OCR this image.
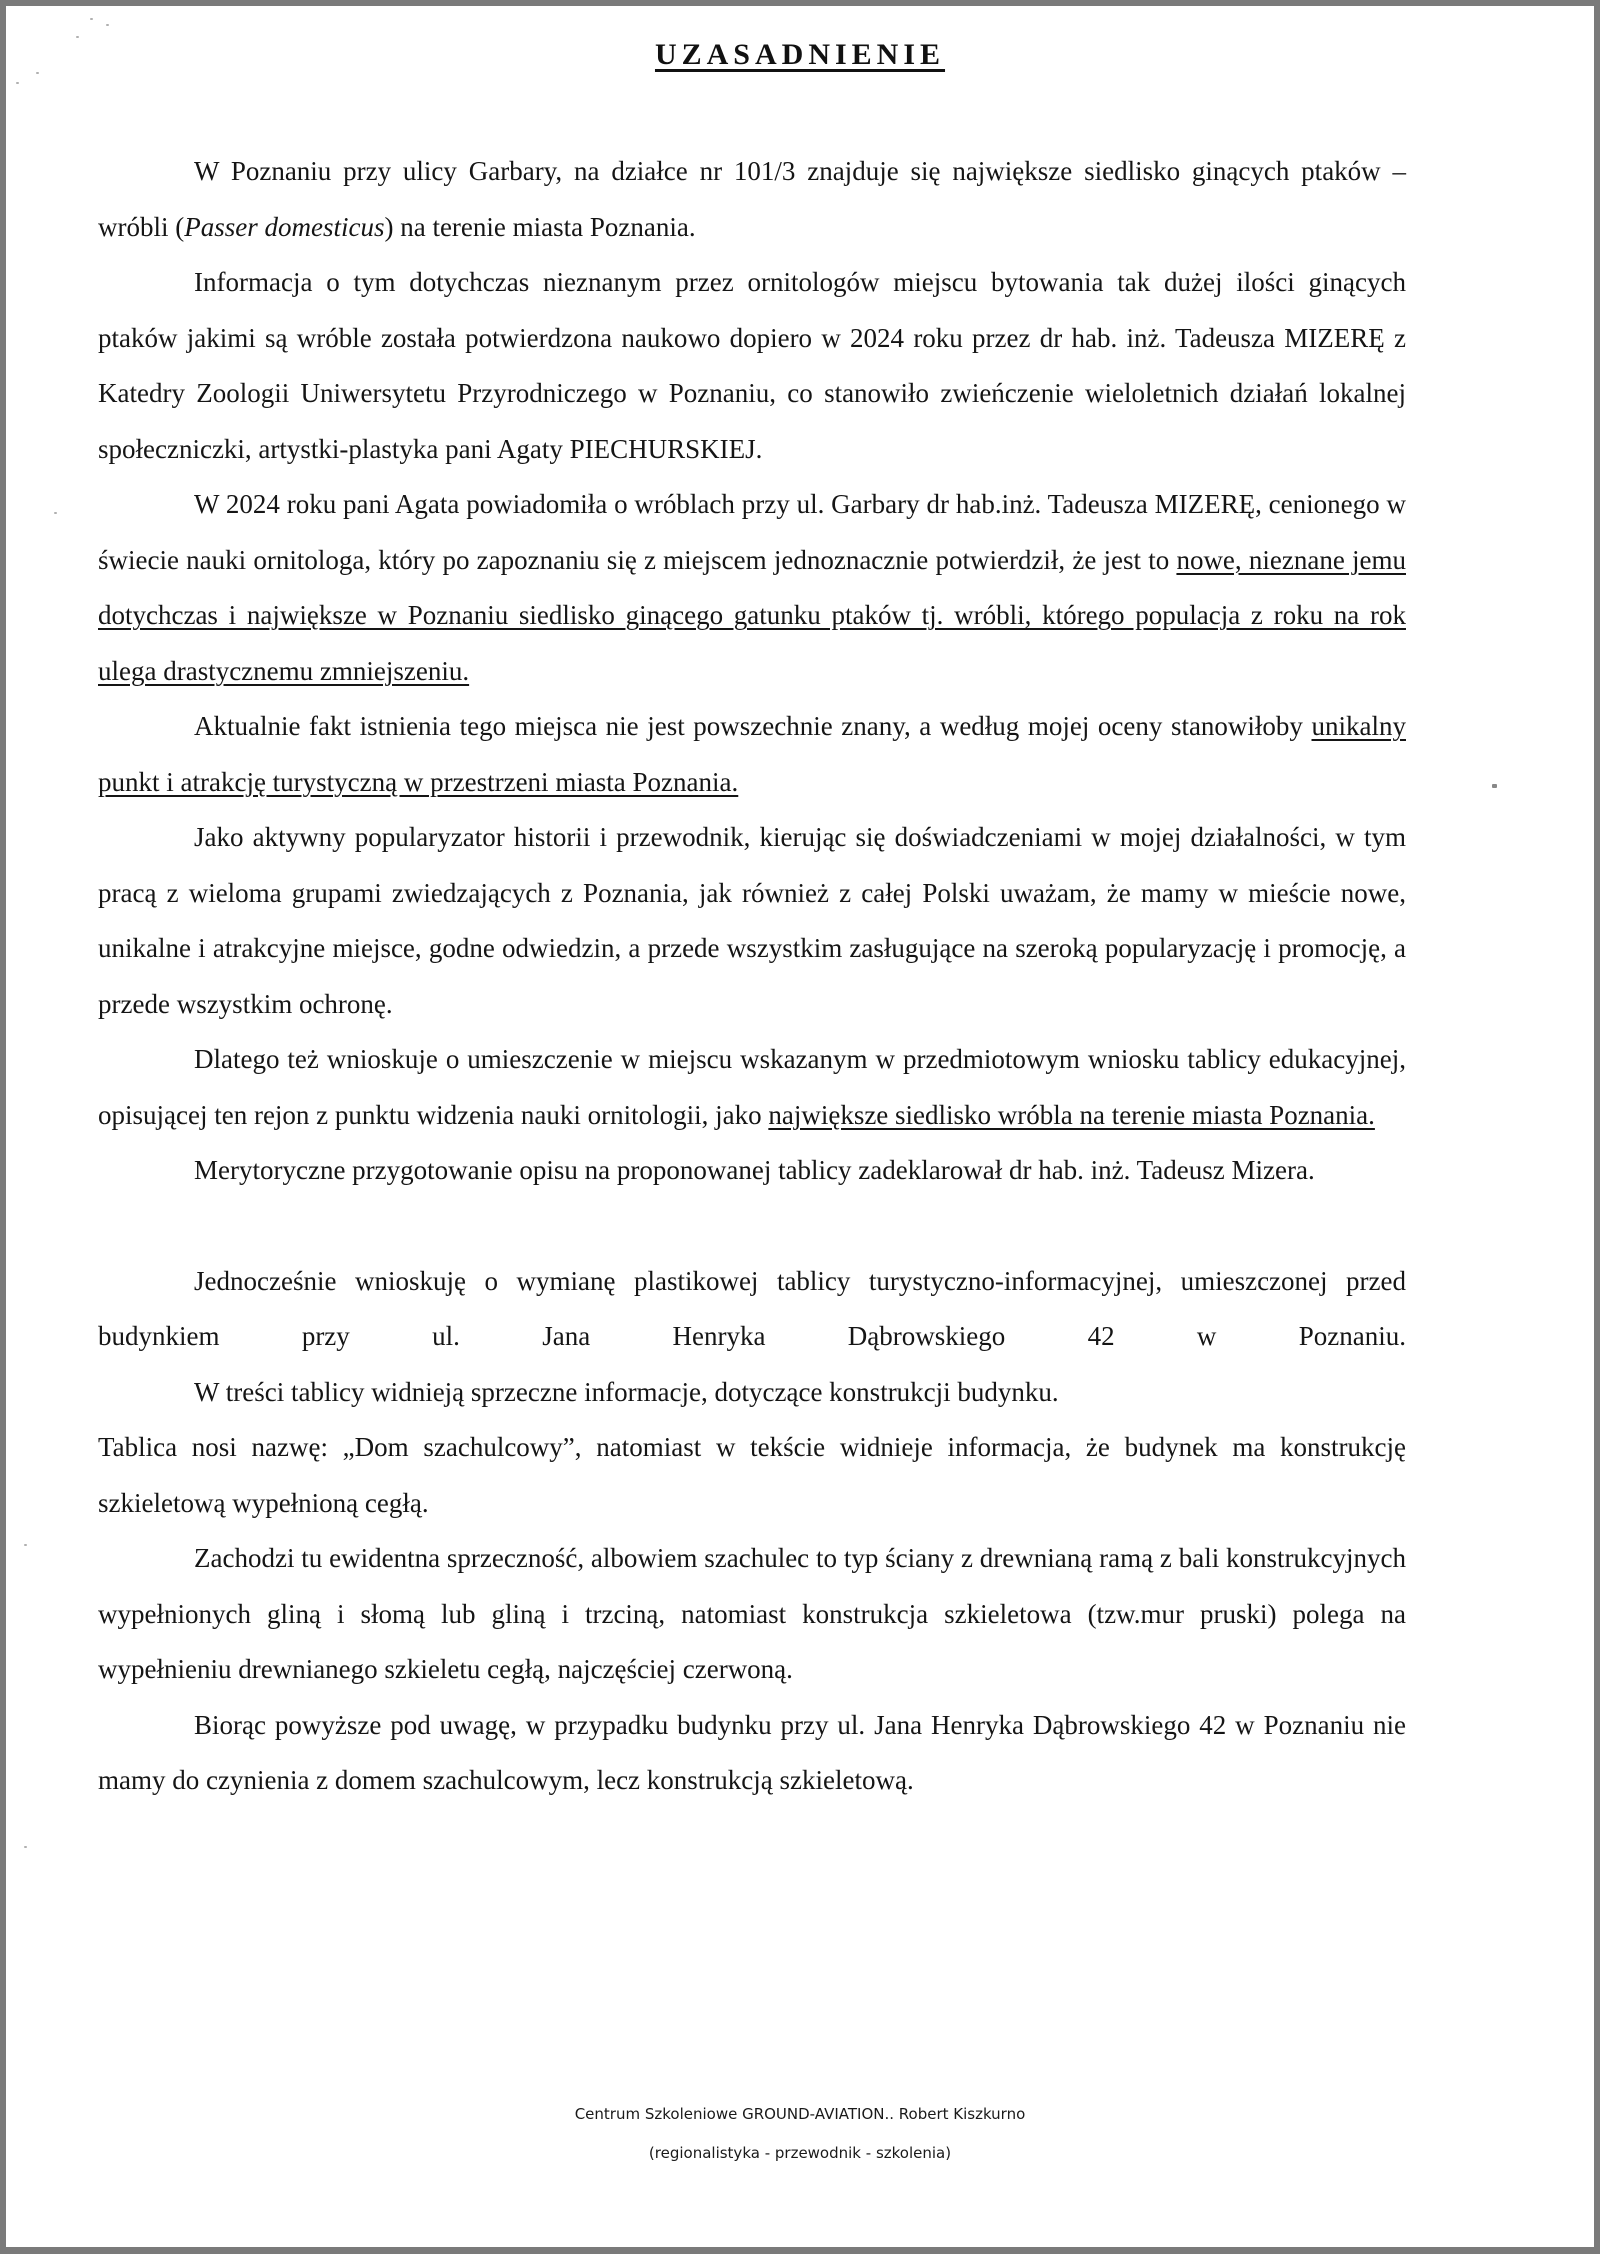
UZASADNIENIE

W Poznaniu przy ulicy Garbary, na działce nr 101/3 znajduje się największe siedlisko ginących ptaków – wróbli (Passer domesticus) na terenie miasta Poznania.

Informacja o tym dotychczas nieznanym przez ornitologów miejscu bytowania tak dużej ilości ginących ptaków jakimi są wróble została potwierdzona naukowo dopiero w 2024 roku przez dr hab. inż. Tadeusza MIZERĘ z Katedry Zoologii Uniwersytetu Przyrodniczego w Poznaniu, co stanowiło zwieńczenie wieloletnich działań lokalnej społeczniczki, artystki-plastyka pani Agaty PIECHURSKIEJ.

W 2024 roku pani Agata powiadomiła o wróblach przy ul. Garbary dr hab.inż. Tadeusza MIZERĘ, cenionego w świecie nauki ornitologa, który po zapoznaniu się z miejscem jednoznacznie potwierdził, że jest to nowe, nieznane jemu dotychczas i największe w Poznaniu siedlisko ginącego gatunku ptaków tj. wróbli, którego populacja z roku na rok ulega drastycznemu zmniejszeniu.

Aktualnie fakt istnienia tego miejsca nie jest powszechnie znany, a według mojej oceny stanowiłoby unikalny punkt i atrakcję turystyczną w przestrzeni miasta Poznania.

Jako aktywny popularyzator historii i przewodnik, kierując się doświadczeniami w mojej działalności, w tym pracą z wieloma grupami zwiedzających z Poznania, jak również z całej Polski uważam, że mamy w mieście nowe, unikalne i atrakcyjne miejsce, godne odwiedzin, a przede wszystkim zasługujące na szeroką popularyzację i promocję, a przede wszystkim ochronę.

Dlatego też wnioskuje o umieszczenie w miejscu wskazanym w przedmiotowym wniosku tablicy edukacyjnej, opisującej ten rejon z punktu widzenia nauki ornitologii, jako największe siedlisko wróbla na terenie miasta Poznania.

Merytoryczne przygotowanie opisu na proponowanej tablicy zadeklarował dr hab. inż. Tadeusz Mizera.

Jednocześnie wnioskuję o wymianę plastikowej tablicy turystyczno-informacyjnej, umieszczonej przed budynkiem przy ul. Jana Henryka Dąbrowskiego 42 w Poznaniu.

W treści tablicy widnieją sprzeczne informacje, dotyczące konstrukcji budynku.

Tablica nosi nazwę: „Dom szachulcowy”, natomiast w tekście widnieje informacja, że budynek ma konstrukcję szkieletową wypełnioną cegłą.

Zachodzi tu ewidentna sprzeczność, albowiem szachulec to typ ściany z drewnianą ramą z bali konstrukcyjnych wypełnionych gliną i słomą lub gliną i trzciną, natomiast konstrukcja szkieletowa (tzw.mur pruski) polega na wypełnieniu drewnianego szkieletu cegłą, najczęściej czerwoną.

Biorąc powyższe pod uwagę, w przypadku budynku przy ul. Jana Henryka Dąbrowskiego 42 w Poznaniu nie mamy do czynienia z domem szachulcowym, lecz konstrukcją szkieletową.

Centrum Szkoleniowe GROUND-AVIATION.. Robert Kiszkurno
(regionalistyka - przewodnik - szkolenia)
